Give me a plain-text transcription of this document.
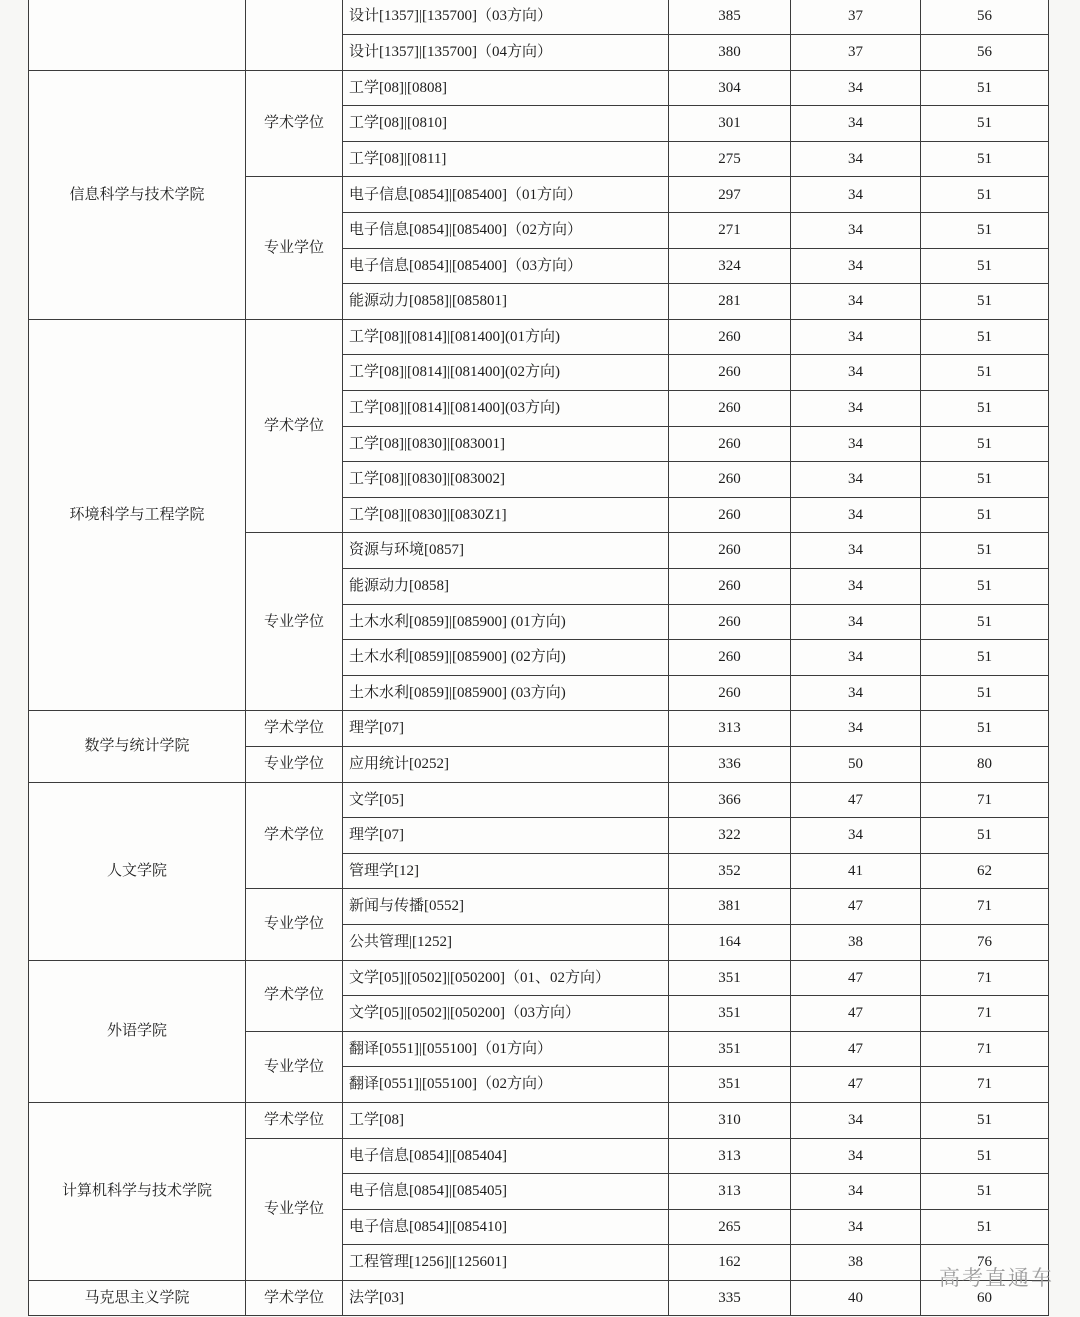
		设计[1357]|[135700]（03方向）	385	37	56
		设计[1357]|[135700]（04方向）	380	37	56
信息科学与技术学院	学术学位	工学[08]|[0808]	304	34	51
		工学[08]|[0810]	301	34	51
		工学[08]|[0811]	275	34	51
	专业学位	电子信息[0854]|[085400]（01方向）	297	34	51
		电子信息[0854]|[085400]（02方向）	271	34	51
		电子信息[0854]|[085400]（03方向）	324	34	51
		能源动力[0858]|[085801]	281	34	51
环境科学与工程学院	学术学位	工学[08]|[0814]|[081400](01方向)	260	34	51
		工学[08]|[0814]|[081400](02方向)	260	34	51
		工学[08]|[0814]|[081400](03方向)	260	34	51
		工学[08]|[0830]|[083001]	260	34	51
		工学[08]|[0830]|[083002]	260	34	51
		工学[08]|[0830]|[0830Z1]	260	34	51
	专业学位	资源与环境[0857]	260	34	51
		能源动力[0858]	260	34	51
		土木水利[0859]|[085900] (01方向)	260	34	51
		土木水利[0859]|[085900] (02方向)	260	34	51
		土木水利[0859]|[085900] (03方向)	260	34	51
数学与统计学院	学术学位	理学[07]	313	34	51
	专业学位	应用统计[0252]	336	50	80
人文学院	学术学位	文学[05]	366	47	71
		理学[07]	322	34	51
		管理学[12]	352	41	62
	专业学位	新闻与传播[0552]	381	47	71
		公共管理|[1252]	164	38	76
外语学院	学术学位	文学[05]|[0502]|[050200]（01、02方向）	351	47	71
		文学[05]|[0502]|[050200]（03方向）	351	47	71
	专业学位	翻译[0551]|[055100]（01方向）	351	47	71
		翻译[0551]|[055100]（02方向）	351	47	71
计算机科学与技术学院	学术学位	工学[08]	310	34	51
	专业学位	电子信息[0854]|[085404]	313	34	51
		电子信息[0854]|[085405]	313	34	51
		电子信息[0854]|[085410]	265	34	51
		工程管理[1256]|[125601]	162	38	76
马克思主义学院	学术学位	法学[03]	335	40	60
高考直通车
